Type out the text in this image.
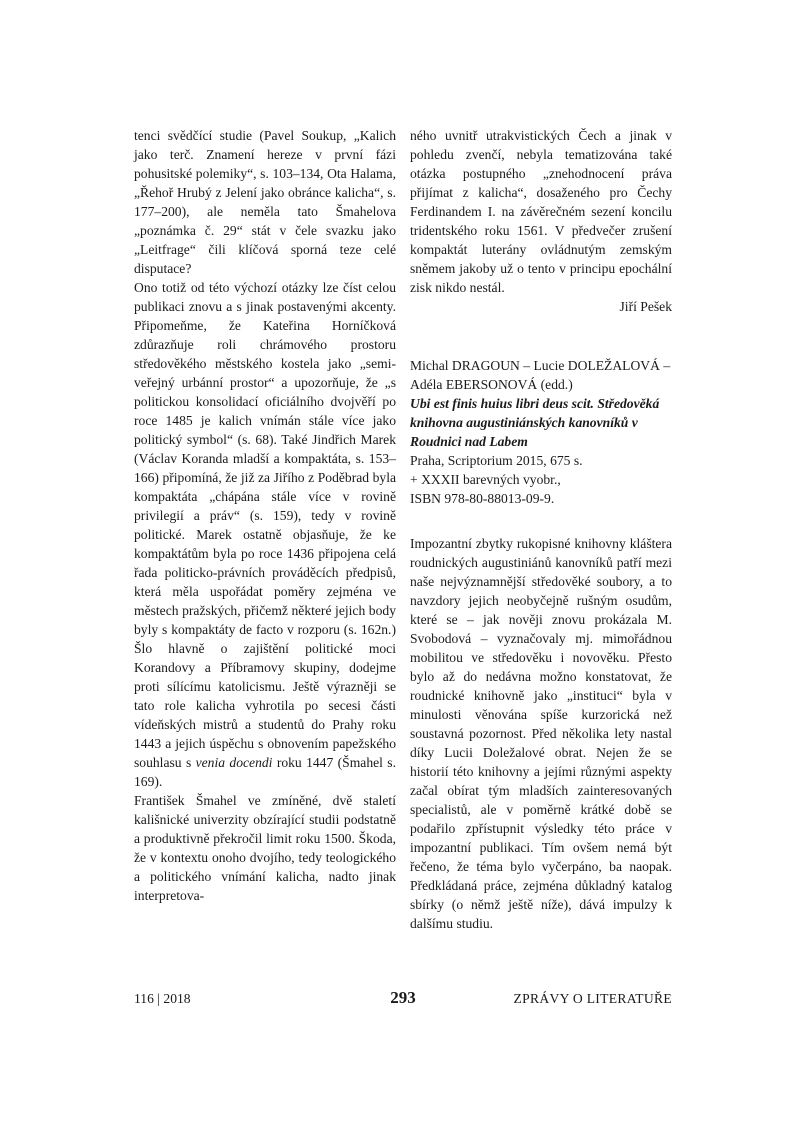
tenci svědčící studie (Pavel Soukup, „Kalich jako terč. Znamení hereze v první fázi pohusitské polemiky“, s. 103–134, Ota Halama, „Řehoř Hrubý z Jelení jako obránce kalicha“, s. 177–200), ale neměla tato Šmahelova „poznámka č. 29“ stát v čele svazku jako „Leitfrage“ čili klíčová sporná teze celé disputace?

Ono totiž od této výchozí otázky lze číst celou publikaci znovu a s jinak postavenými akcenty. Připomeňme, že Kateřina Horníčková zdůrazňuje roli chrámového prostoru středověkého městského kostela jako „semi-veřejný urbánní prostor“ a upozorňuje, že „s politickou konsolidací oficiálního dvojvěří po roce 1485 je kalich vnímán stále více jako politický symbol“ (s. 68). Také Jindřich Marek (Václav Koranda mladší a kompaktáta, s. 153–166) připomíná, že již za Jiřího z Poděbrad byla kompaktáta „chápána stále více v rovině privilegií a práv“ (s. 159), tedy v rovině politické. Marek ostatně objasňuje, že ke kompaktátům byla po roce 1436 připojena celá řada politicko-právních prováděcích předpisů, která měla uspořádat poměry zejména ve městech pražských, přičemž některé jejich body byly s kompaktáty de facto v rozporu (s. 162n.) Šlo hlavně o zajištění politické moci Korandovy a Příbramovy skupiny, dodejme proti sílícímu katolicismu. Ještě výrazněji se tato role kalicha vyhrotila po secesi části vídeňských mistrů a studentů do Prahy roku 1443 a jejich úspěchu s obnovením papežského souhlasu s venia docendi roku 1447 (Šmahel s. 169).

František Šmahel ve zmíněné, dvě staletí kališnické univerzity obzírající studii podstatně a produktivně překročil limit roku 1500. Škoda, že v kontextu onoho dvojího, tedy teologického a politického vnímání kalicha, nadto jinak interpretova-

ného uvnitř utrakvistických Čech a jinak v pohledu zvenčí, nebyla tematizována také otázka postupného „znehodnocení práva přijímat z kalicha“, dosaženého pro Čechy Ferdinandem I. na závěrečném sezení koncilu tridentského roku 1561. V předvečer zrušení kompaktát luterány ovládnutým zemským sněmem jakoby už o tento v principu epochální zisk nikdo nestál.

Jiří Pešek

Michal DRAGOUN – Lucie DOLEŽALOVÁ – Adéla EBERSONOVÁ (edd.)
Ubi est finis huius libri deus scit. Středověká knihovna augustiniánských kanovníků v Roudnici nad Labem
Praha, Scriptorium 2015, 675 s.
+ XXXII barevných vyobr.,
ISBN 978-80-88013-09-9.

Impozantní zbytky rukopisné knihovny kláštera roudnických augustiniánů kanovníků patří mezi naše nejvýznamnější středověké soubory, a to navzdory jejich neobyčejně rušným osudům, které se – jak nověji znovu prokázala M. Svobodová – vyznačovaly mj. mimořádnou mobilitou ve středověku i novověku. Přesto bylo až do nedávna možno konstatovat, že roudnické knihovně jako „instituci“ byla v minulosti věnována spíše kurzorická než soustavná pozornost. Před několika lety nastal díky Lucii Doležalové obrat. Nejen že se historií této knihovny a jejími různými aspekty začal obírat tým mladších zainteresovaných specialistů, ale v poměrně krátké době se podařilo zpřístupnit výsledky této práce v impozantní publikaci. Tím ovšem nemá být řečeno, že téma bylo vyčerpáno, ba naopak. Předkládaná práce, zejména důkladný katalog sbírky (o němž ještě níže), dává impulzy k dalšímu studiu.

116 | 2018	293	ZPRÁVY O LITERATUŘE
